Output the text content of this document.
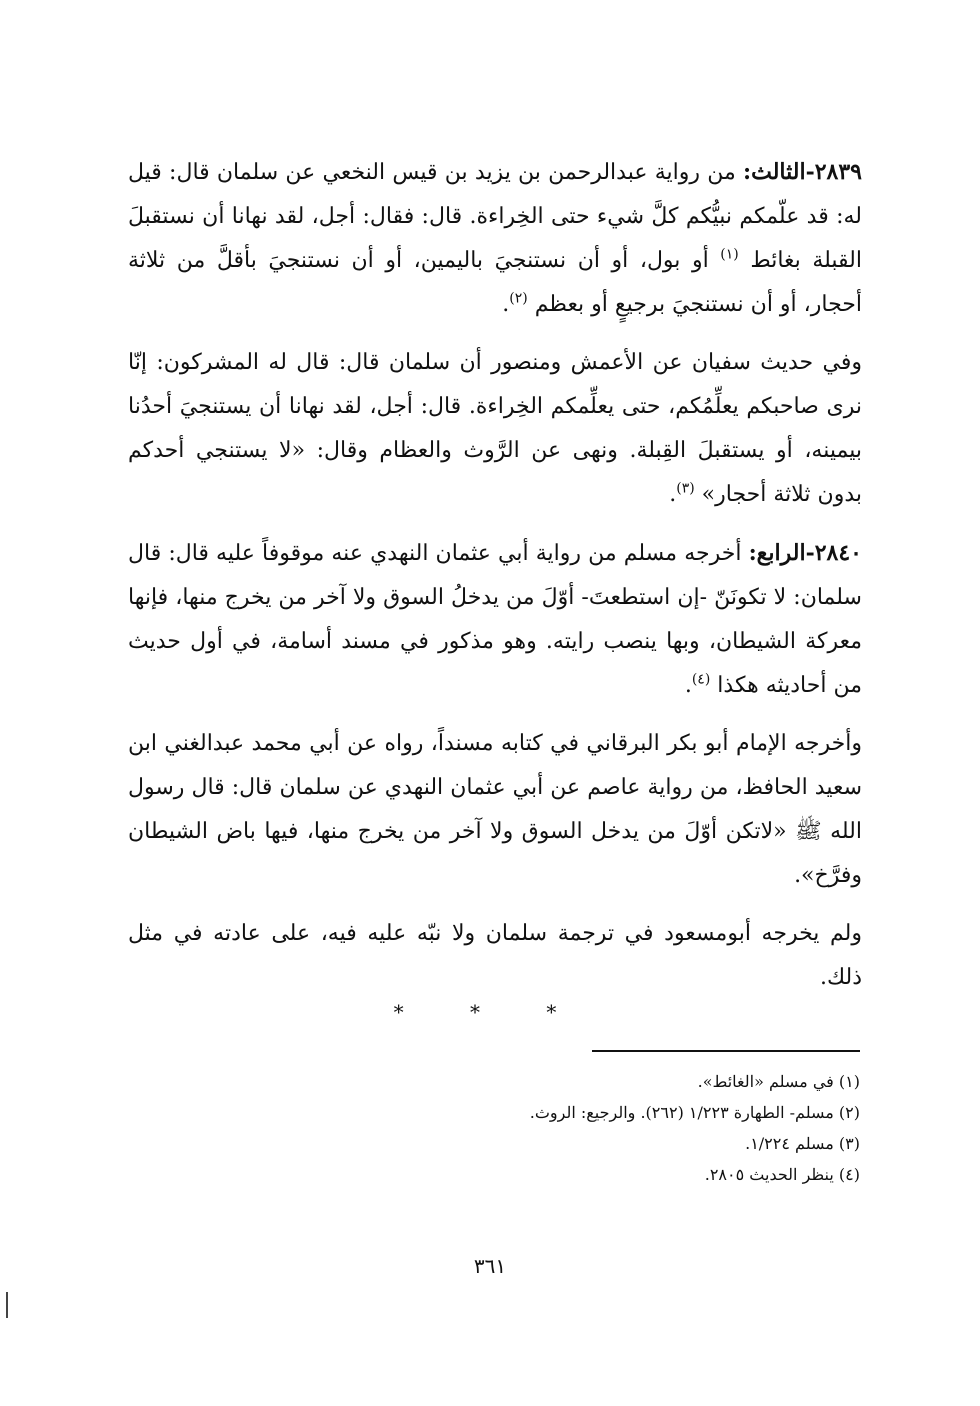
٢٨٣٩-الثالث: من رواية عبدالرحمن بن يزيد بن قيس النخعي عن سلمان قال: قيل له: قد علّمكم نبيُّكم كلَّ شيء حتى الخِراءة. قال: فقال: أجل، لقد نهانا أن نستقبلَ القبلة بغائط $^{(١)}$ أو بول، أو أن نستنجيَ باليمين، أو أن نستنجيَ بأقلَّ من ثلاثة أحجار، أو أن نستنجيَ برجيعٍ أو بعظم $^{(٢)}$.

وفي حديث سفيان عن الأعمش ومنصور أن سلمان قال: قال له المشركون: إنّا نرى صاحبكم يعلِّمُكم، حتى يعلِّمكم الخِراءة. قال: أجل، لقد نهانا أن يستنجيَ أحدُنا بيمينه، أو يستقبلَ القِبلة. ونهى عن الرَّوث والعظام وقال: «لا يستنجي أحدكم بدون ثلاثة أحجار» $^{(٣)}$.

٢٨٤٠-الرابع: أخرجه مسلم من رواية أبي عثمان النهدي عنه موقوفاً عليه قال: قال سلمان: لا تكونَنّ -إن استطعتَ- أوّلَ من يدخلُ السوق ولا آخر من يخرج منها، فإنها معركة الشيطان، وبها ينصب رايته. وهو مذكور في مسند أسامة، في أول حديث من أحاديثه هكذا $^{(٤)}$.

وأخرجه الإمام أبو بكر البرقاني في كتابه مسنداً، رواه عن أبي محمد عبدالغني ابن سعيد الحافظ، من رواية عاصم عن أبي عثمان النهدي عن سلمان قال: قال رسول الله ﷺ «لاتكن أوّلَ من يدخل السوق ولا آخر من يخرج منها، فيها باض الشيطان وفرَّخ».

ولم يخرجه أبومسعود في ترجمة سلمان ولا نبّه عليه فيه، على عادته في مثل ذلك.

* * *

(١) في مسلم «الغائط».

(٢) مسلم- الطهارة ١/٢٢٣ (٢٦٢). والرجيع: الروث.

(٣) مسلم ١/٢٢٤.

(٤) ينظر الحديث ٢٨٠٥.

٣٦١
